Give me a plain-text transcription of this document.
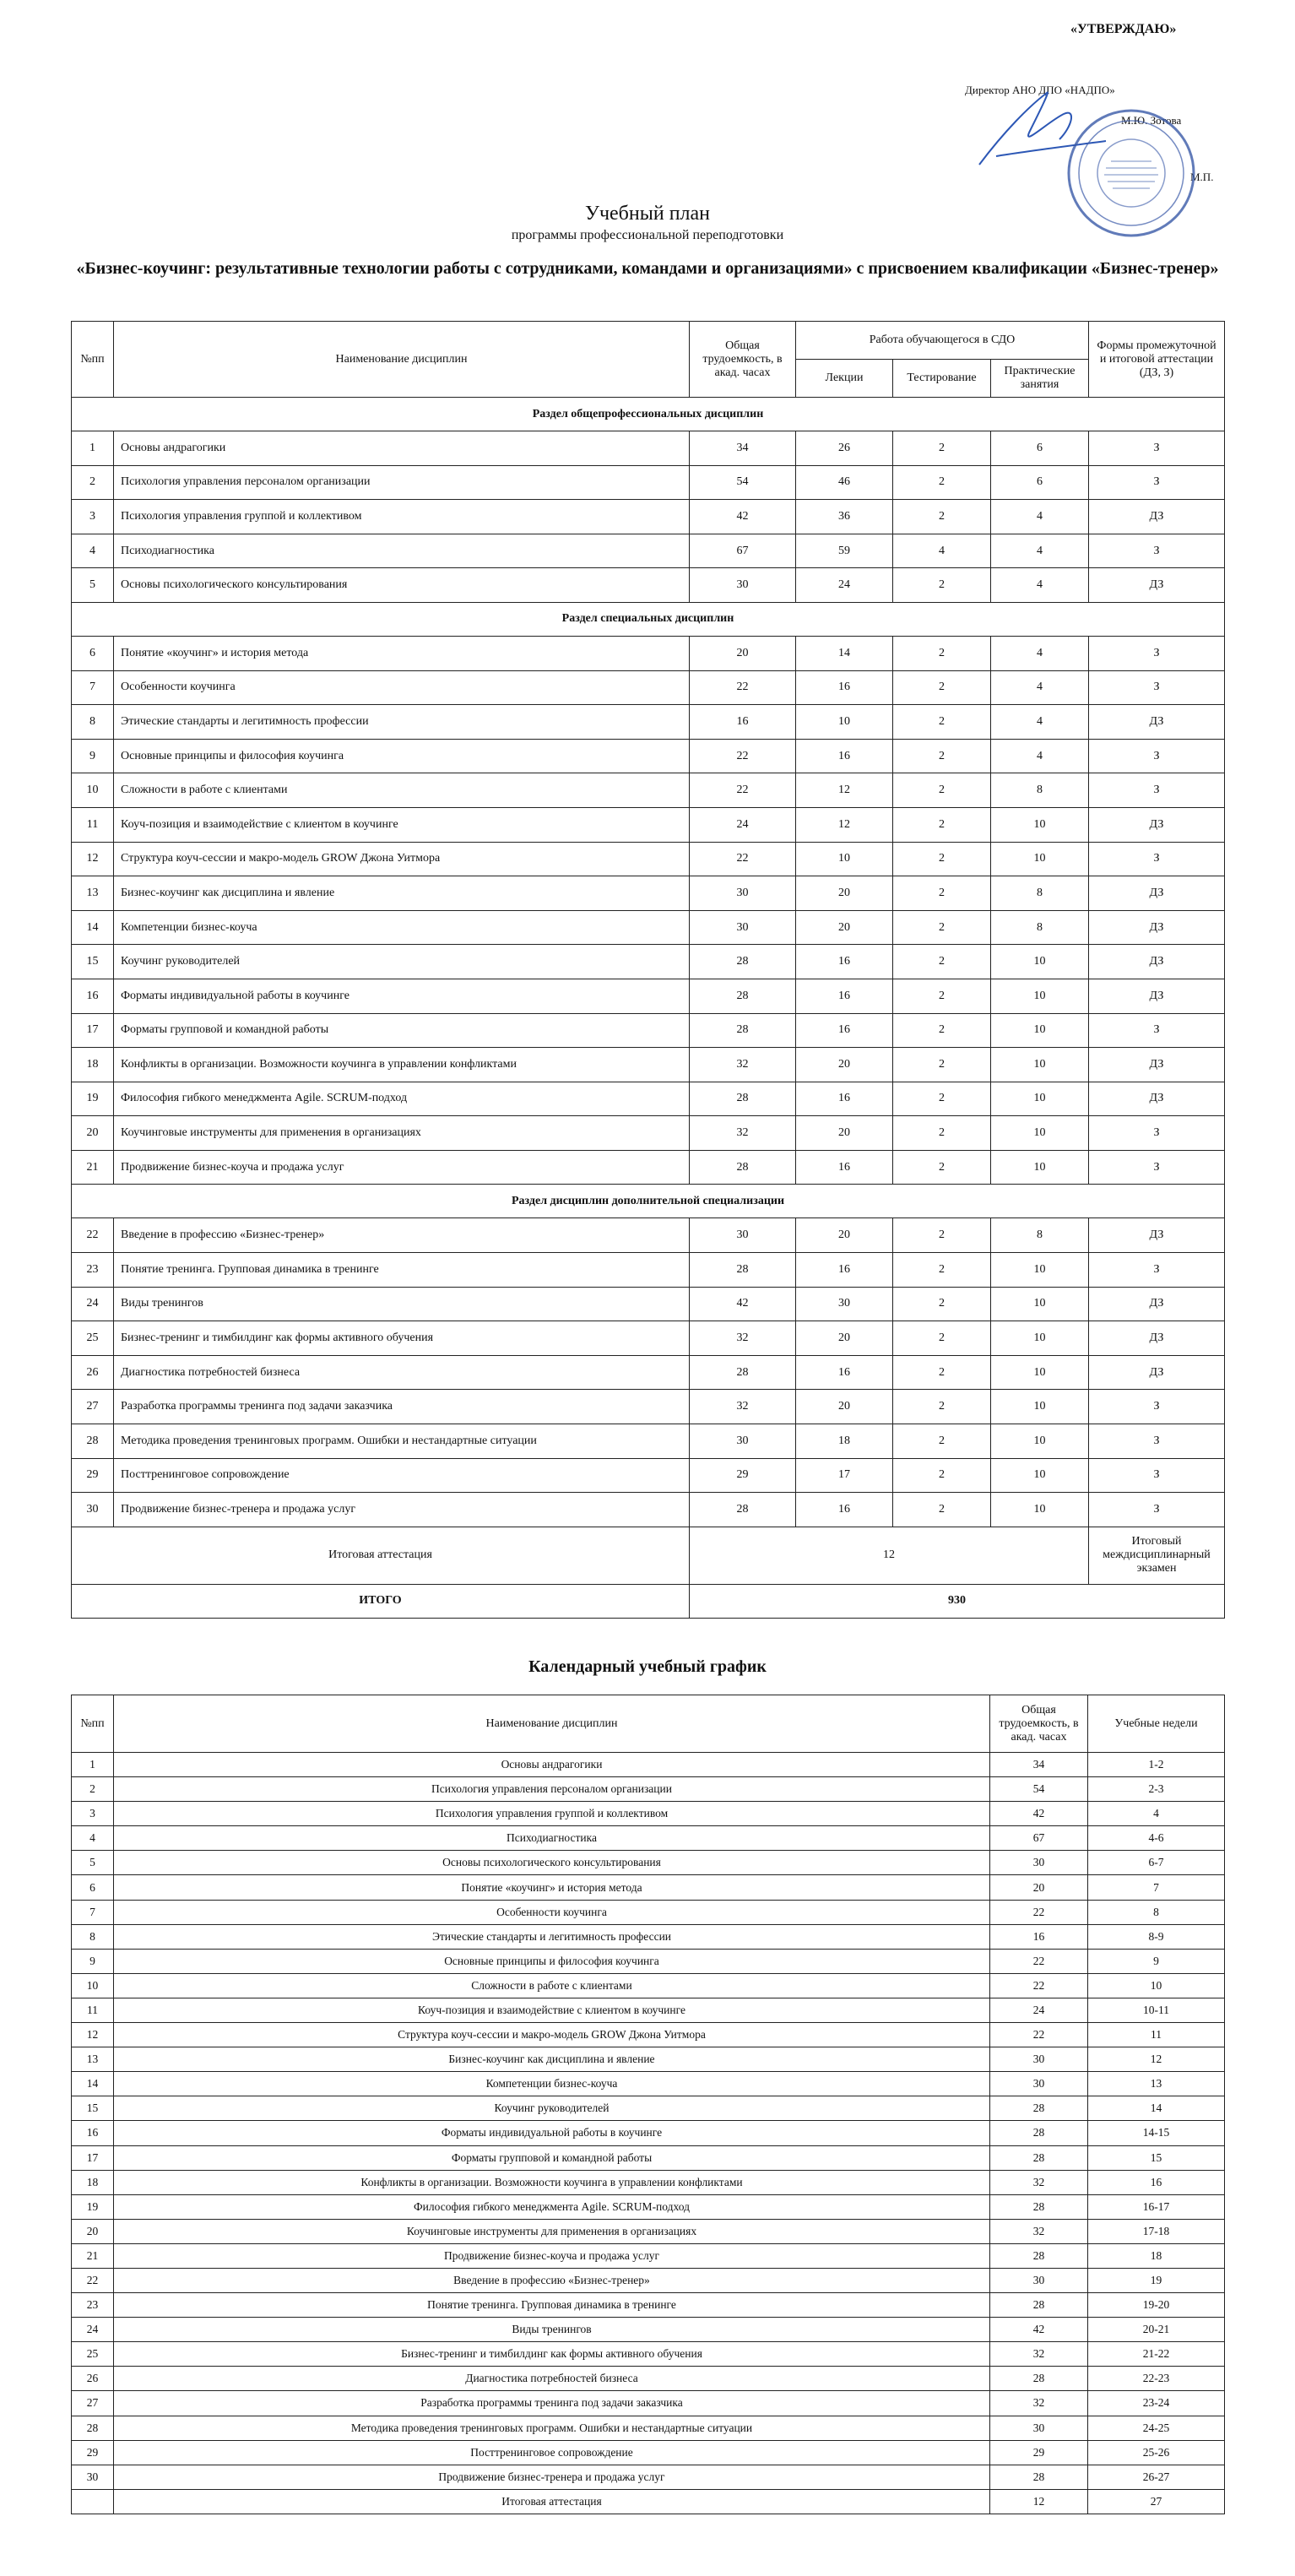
«УТВЕРЖДАЮ»
Директор АНО ДПО «НАДПО»
М.Ю. Зотова
М.П.
Учебный план
программы профессиональной переподготовки
«Бизнес-коучинг: результативные технологии работы с сотрудниками, командами и организациями» с присвоением квалификации «Бизнес-тренер»
№пп	Наименование дисциплин	Общая трудоемкость, в акад. часах	Работа обучающегося в СДО			Формы промежуточной и итоговой аттестации (ДЗ, З)
			Лекции	Тестирование	Практические занятия	
Раздел общепрофессиональных дисциплин						
1	Основы андрагогики	34	26	2	6	З
2	Психология управления персоналом организации	54	46	2	6	З
3	Психология управления группой и коллективом	42	36	2	4	ДЗ
4	Психодиагностика	67	59	4	4	З
5	Основы психологического консультирования	30	24	2	4	ДЗ
Раздел специальных дисциплин						
6	Понятие «коучинг» и история метода	20	14	2	4	З
7	Особенности коучинга	22	16	2	4	З
8	Этические стандарты и легитимность профессии	16	10	2	4	ДЗ
9	Основные принципы и философия коучинга	22	16	2	4	З
10	Сложности в работе с клиентами	22	12	2	8	З
11	Коуч-позиция и взаимодействие с клиентом в коучинге	24	12	2	10	ДЗ
12	Структура коуч-сессии и макро-модель GROW Джона Уитмора	22	10	2	10	З
13	Бизнес-коучинг как дисциплина и явление	30	20	2	8	ДЗ
14	Компетенции бизнес-коуча	30	20	2	8	ДЗ
15	Коучинг руководителей	28	16	2	10	ДЗ
16	Форматы индивидуальной работы в коучинге	28	16	2	10	ДЗ
17	Форматы групповой и командной работы	28	16	2	10	З
18	Конфликты в организации. Возможности коучинга в управлении конфликтами	32	20	2	10	ДЗ
19	Философия гибкого менеджмента Agile. SCRUM-подход	28	16	2	10	ДЗ
20	Коучинговые инструменты для применения в организациях	32	20	2	10	З
21	Продвижение бизнес-коуча и продажа услуг	28	16	2	10	З
Раздел дисциплин дополнительной специализации						
22	Введение в профессию «Бизнес-тренер»	30	20	2	8	ДЗ
23	Понятие тренинга. Групповая динамика в тренинге	28	16	2	10	З
24	Виды тренингов	42	30	2	10	ДЗ
25	Бизнес-тренинг и тимбилдинг как формы активного обучения	32	20	2	10	ДЗ
26	Диагностика потребностей бизнеса	28	16	2	10	ДЗ
27	Разработка программы тренинга под задачи заказчика	32	20	2	10	З
28	Методика проведения тренинговых программ. Ошибки и нестандартные ситуации	30	18	2	10	З
29	Посттренинговое сопровождение	29	17	2	10	З
30	Продвижение бизнес-тренера и продажа услуг	28	16	2	10	З
Итоговая аттестация		12				Итоговый междисциплинарный экзамен
ИТОГО		930				
Календарный учебный график
№пп	Наименование дисциплин	Общая трудоемкость, в акад. часах	Учебные недели
1	Основы андрагогики	34	1-2
2	Психология управления персоналом организации	54	2-3
3	Психология управления группой и коллективом	42	4
4	Психодиагностика	67	4-6
5	Основы психологического консультирования	30	6-7
6	Понятие «коучинг» и история метода	20	7
7	Особенности коучинга	22	8
8	Этические стандарты и легитимность профессии	16	8-9
9	Основные принципы и философия коучинга	22	9
10	Сложности в работе с клиентами	22	10
11	Коуч-позиция и взаимодействие с клиентом в коучинге	24	10-11
12	Структура коуч-сессии и макро-модель GROW Джона Уитмора	22	11
13	Бизнес-коучинг как дисциплина и явление	30	12
14	Компетенции бизнес-коуча	30	13
15	Коучинг руководителей	28	14
16	Форматы индивидуальной работы в коучинге	28	14-15
17	Форматы групповой и командной работы	28	15
18	Конфликты в организации. Возможности коучинга в управлении конфликтами	32	16
19	Философия гибкого менеджмента Agile. SCRUM-подход	28	16-17
20	Коучинговые инструменты для применения в организациях	32	17-18
21	Продвижение бизнес-коуча и продажа услуг	28	18
22	Введение в профессию «Бизнес-тренер»	30	19
23	Понятие тренинга. Групповая динамика в тренинге	28	19-20
24	Виды тренингов	42	20-21
25	Бизнес-тренинг и тимбилдинг как формы активного обучения	32	21-22
26	Диагностика потребностей бизнеса	28	22-23
27	Разработка программы тренинга под задачи заказчика	32	23-24
28	Методика проведения тренинговых программ. Ошибки и нестандартные ситуации	30	24-25
29	Посттренинговое сопровождение	29	25-26
30	Продвижение бизнес-тренера и продажа услуг	28	26-27
	Итоговая аттестация	12	27
